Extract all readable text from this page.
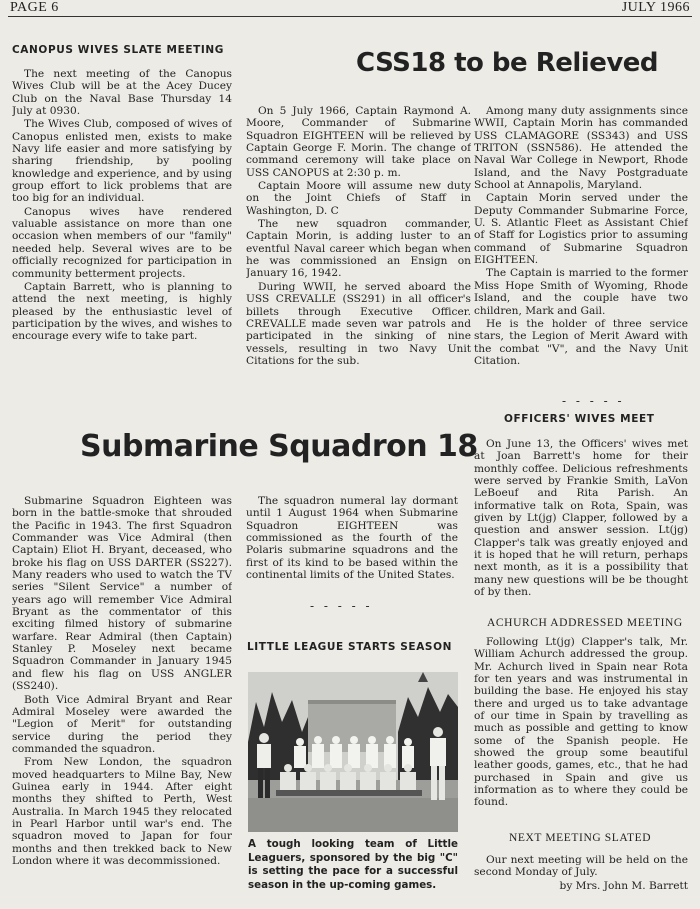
PAGE 6	JULY 1966
CANOPUS WIVES SLATE MEETING

The next meeting of the Canopus Wives Club will be at the Acey Ducey Club on the Naval Base Thursday 14 July at 0930.

The Wives Club, composed of wives of Canopus enlisted men, exists to make Navy life easier and more satisfying by sharing friendship, by pooling knowledge and experience, and by using group effort to lick problems that are too big for an individual.

Canopus wives have rendered valuable assistance on more than one occasion when members of our "family" needed help. Several wives are to be officially recognized for participation in community betterment projects.

Captain Barrett, who is planning to attend the next meeting, is highly pleased by the enthusiastic level of participation by the wives, and wishes to encourage every wife to take part.

CSS18 to be Relieved

On 5 July 1966, Captain Raymond A. Moore, Commander of Submarine Squadron EIGHTEEN will be relieved by Captain George F. Morin. The change of command ceremony will take place on USS CANOPUS at 2:30 p. m.

Captain Moore will assume new duty on the Joint Chiefs of Staff in Washington, D. C

The new squadron commander, Captain Morin, is adding luster to an eventful Naval career which began when he was commissioned an Ensign on January 16, 1942.

During WWII, he served aboard the USS CREVALLE (SS291) in all officer's billets through Executive Officer. CREVALLE made seven war patrols and participated in the sinking of nine vessels, resulting in two Navy Unit Citations for the sub.

Among many duty assignments since WWII, Captain Morin has commanded USS CLAMAGORE (SS343) and USS TRITON (SSN586). He attended the Naval War College in Newport, Rhode Island, and the Navy Postgraduate School at Annapolis, Maryland.

Captain Morin served under the Deputy Commander Submarine Force, U. S. Atlantic Fleet as Assistant Chief of Staff for Logistics prior to assuming command of Submarine Squadron EIGHTEEN.

The Captain is married to the former Miss Hope Smith of Wyoming, Rhode Island, and the couple have two children, Mark and Gail.

He is the holder of three service stars, the Legion of Merit Award with the combat "V", and the Navy Unit Citation.

- - - - -
OFFICERS' WIVES MEET

On June 13, the Officers' wives met at Joan Barrett's home for their monthly coffee. Delicious refreshments were served by Frankie Smith, LaVon LeBoeuf and Rita Parish. An informative talk on Rota, Spain, was given by Lt(jg) Clapper, followed by a question and answer session. Lt(jg) Clapper's talk was greatly enjoyed and it is hoped that he will return, perhaps next month, as it is a possibility that many new questions will be be thought of by then.

ACHURCH ADDRESSED MEETING

Following Lt(jg) Clapper's talk, Mr. William Achurch addressed the group. Mr. Achurch lived in Spain near Rota for ten years and was instrumental in building the base. He enjoyed his stay there and urged us to take advantage of our time in Spain by travelling as much as possible and getting to know some of the Spanish people. He showed the group some beautiful leather goods, games, etc., that he had purchased in Spain and give us information as to where they could be found.

NEXT MEETING SLATED

Our next meeting will be held on the second Monday of July.

by Mrs. John M. Barrett

Submarine Squadron 18

Submarine Squadron Eighteen was born in the battle-smoke that shrouded the Pacific in 1943. The first Squadron Commander was Vice Admiral (then Captain) Eliot H. Bryant, deceased, who broke his flag on USS DARTER (SS227). Many readers who used to watch the TV series "Silent Service" a number of years ago will remember Vice Admiral Bryant as the commentator of this exciting filmed history of submarine warfare. Rear Admiral (then Captain) Stanley P. Moseley next became Squadron Commander in January 1945 and flew his flag on USS ANGLER (SS240).

Both Vice Admiral Bryant and Rear Admiral Moseley were awarded the "Legion of Merit" for outstanding service during the period they commanded the squadron.

From New London, the squadron moved headquarters to Milne Bay, New Guinea early in 1944. After eight months they shifted to Perth, West Australia. In March 1945 they relocated in Pearl Harbor until war's end. The squadron moved to Japan for four months and then trekked back to New London where it was decommissioned.

The squadron numeral lay dormant until 1 August 1964 when Submarine Squadron EIGHTEEN was commissioned as the fourth of the Polaris submarine squadrons and the first of its kind to be based within the continental limits of the United States.

- - - - -
LITTLE LEAGUE STARTS SEASON
A tough looking team of Little Leaguers, sponsored by the big "C" is setting the pace for a successful season in the up-coming games.
